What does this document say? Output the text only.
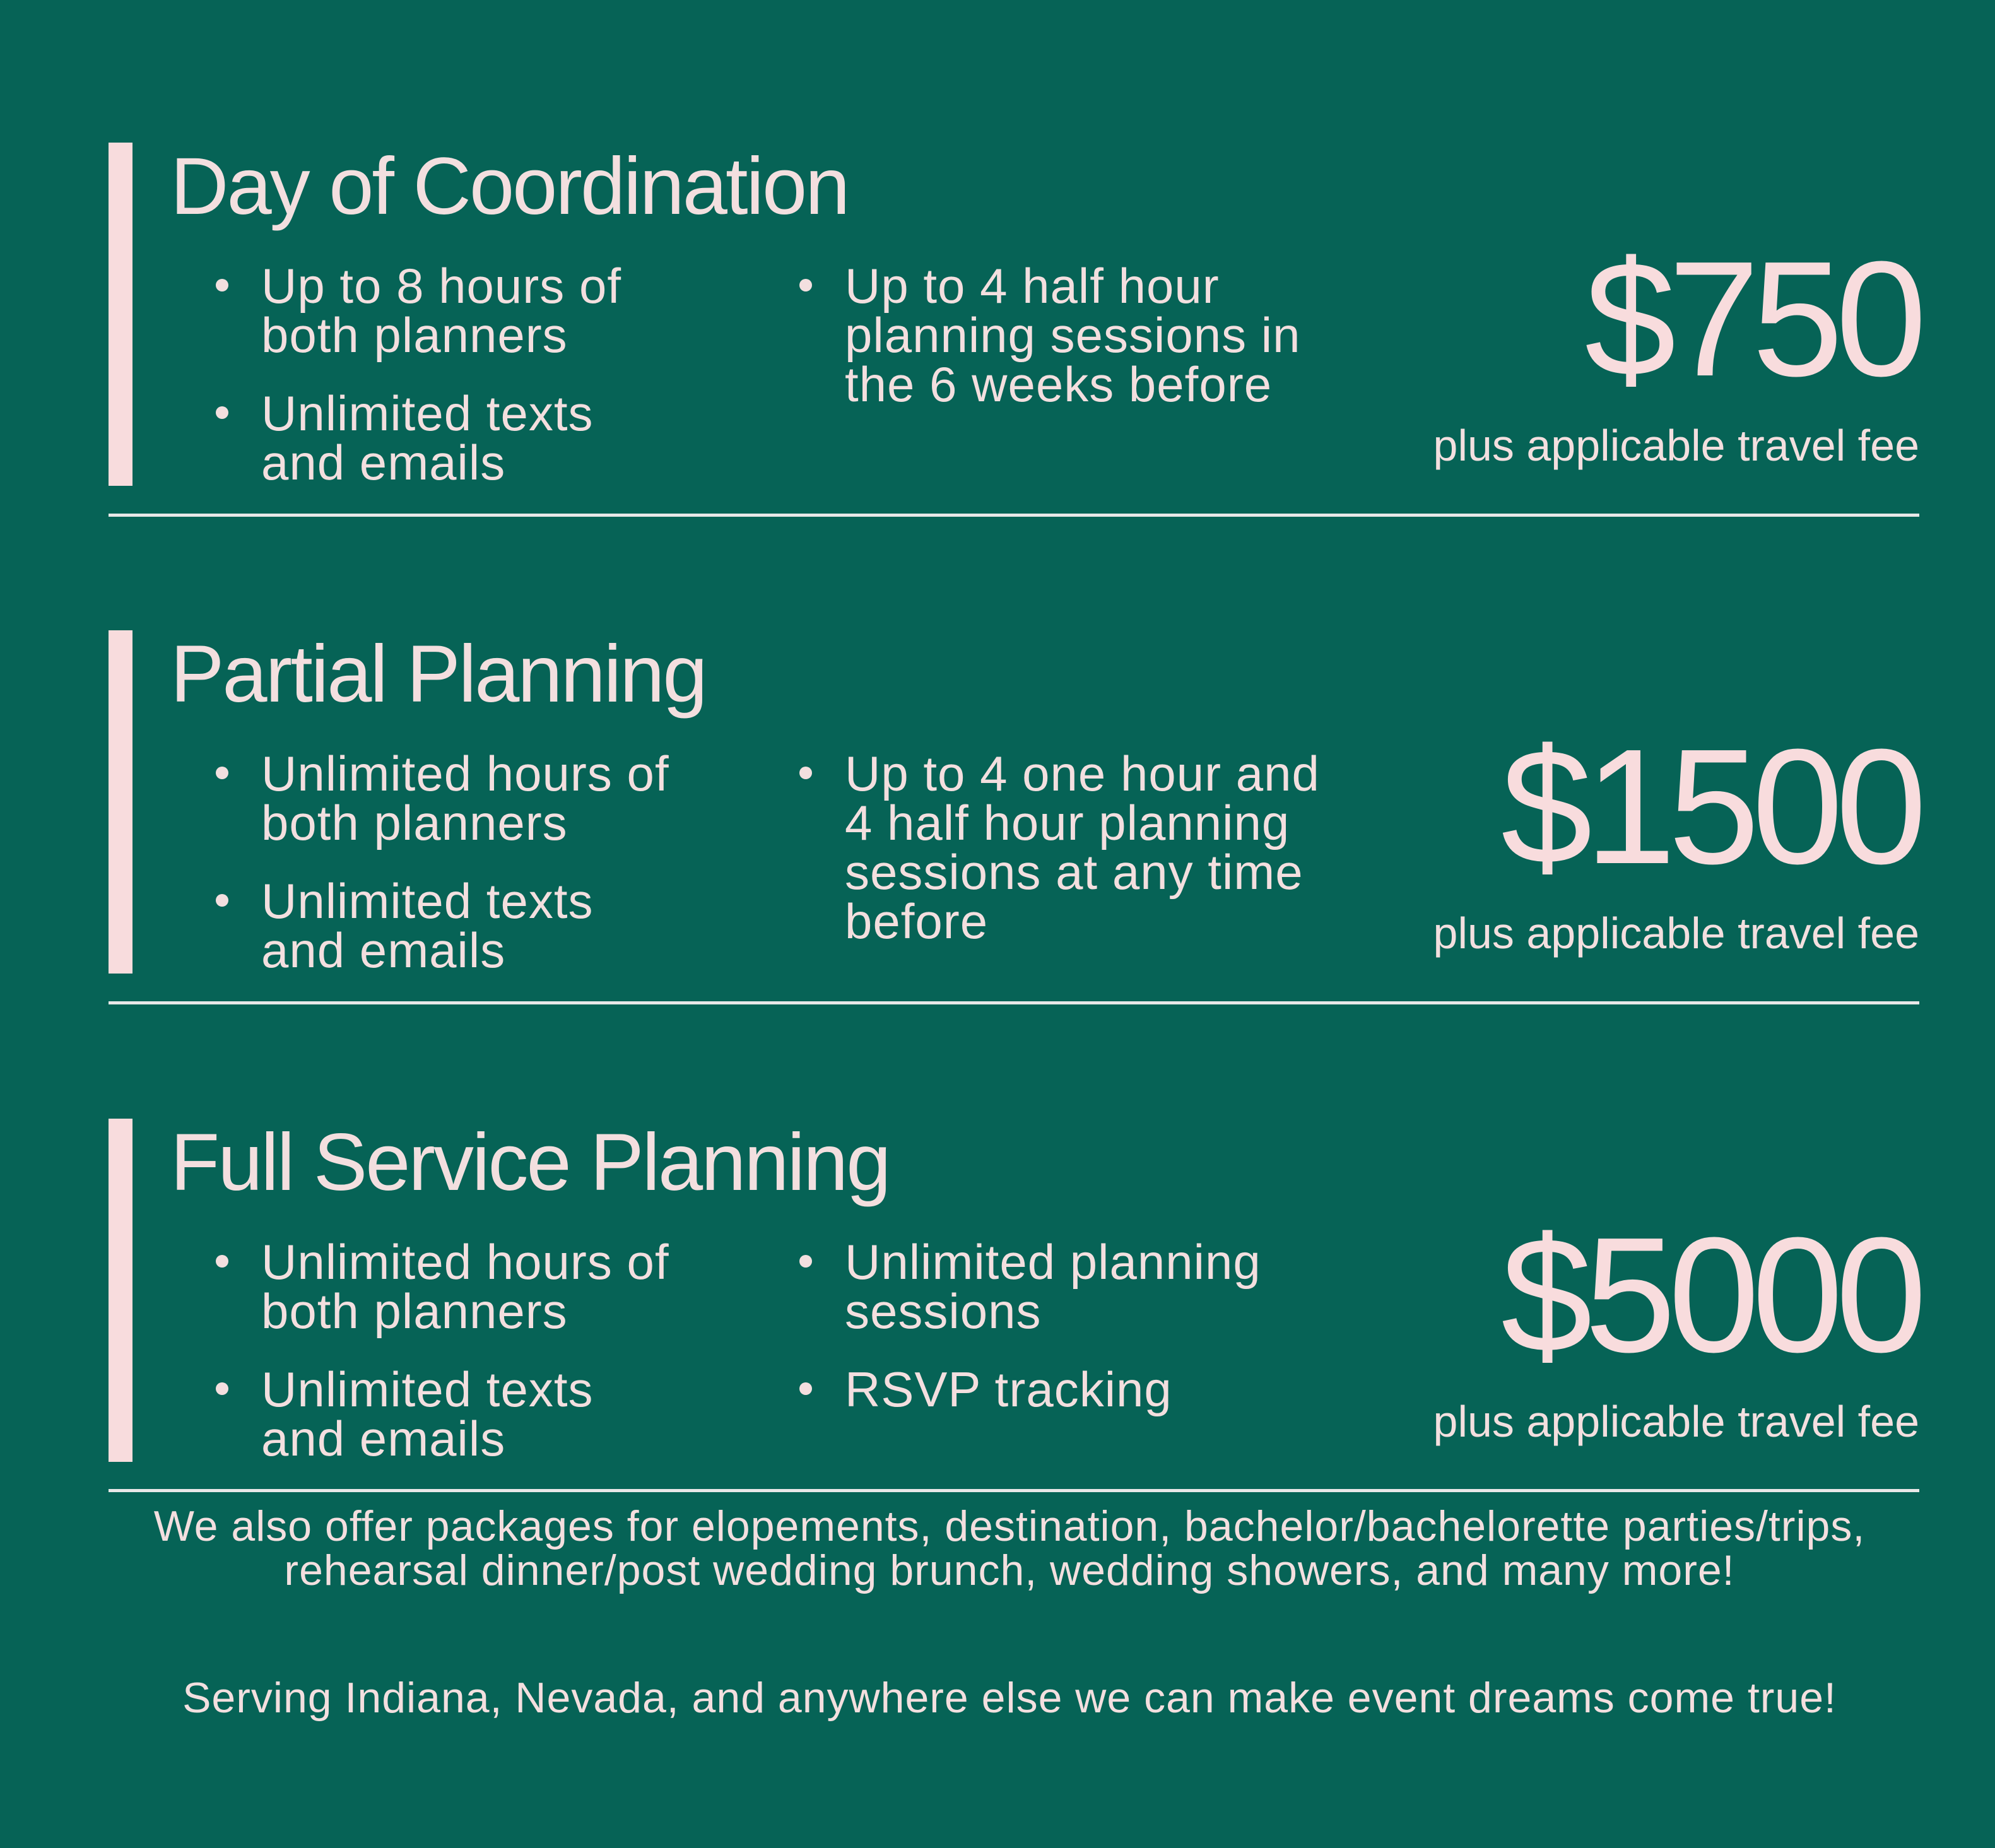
Day of Coordination
Up to 8 hours of both planners
Unlimited texts and emails
Up to 4 half hour planning sessions in the 6 weeks before	$750
plus applicable travel fee
Partial Planning
Unlimited hours of both planners
Unlimited texts and emails
Up to 4 one hour and 4 half hour planning sessions at any time before
$1500
plus applicable travel fee
Full Service Planning
Unlimited hours of both planners
Unlimited texts and emails
Unlimited planning sessions
RSVP tracking
$5000
plus applicable travel fee

We also offer packages for elopements, destination, bachelor/bachelorette parties/trips, rehearsal dinner/post wedding brunch, wedding showers, and many more!

Serving Indiana, Nevada, and anywhere else we can make event dreams come true!
